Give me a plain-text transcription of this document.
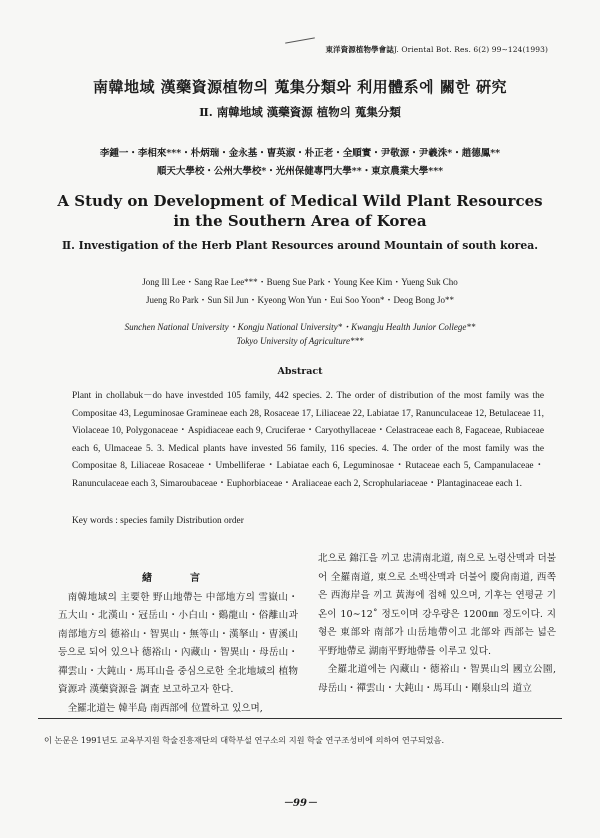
東洋資源植物學會誌J. Oriental Bot. Res. 6(2) 99∼124(1993)
南韓地域 漢藥資源植物의 蒐集分類와 利用體系에 關한 硏究
Ⅱ. 南韓地域 漢藥資源 植物의 蒐集分類
李鍾一・李相來***・朴炳瑞・金永基・曺英淑・朴正老・全順實・尹敬源・尹羲洙*・趙德鳳**
順天大學校・公州大學校*・光州保健專門大學**・東京農業大學***
A Study on Development of Medical Wild Plant Resources
in the Southern Area of Korea
Ⅱ. Investigation of the Herb Plant Resources around Mountain of south korea.
Jong Ill Lee・Sang Rae Lee***・Bueng Sue Park・Young Kee Kim・Yueng Suk Cho
Jueng Ro Park・Sun Sil Jun・Kyeong Won Yun・Eui Soo Yoon*・Deog Bong Jo**
Sunchen National University・Kongju National University*・Kwangju Health Junior College**
Tokyo University of Agriculture***
Abstract
Plant in chollabuk－do have investded 105 family, 442 species. 2. The order of distribution of the most family was the Compositae 43, Leguminosae Gramineae each 28, Rosaceae 17, Liliaceae 22, Labiatae 17, Ranunculaceae 12, Betulaceae 11, Violaceae 10, Polygonaceae・Aspidiaceae each 9, Cruciferae・Caryothyllaceae・Celastraceae each 8, Fagaceae, Rubiaceae each 6, Ulmaceae 5. 3. Medical plants have invested 56 family, 116 species. 4. The order of the most family was the Compositae 8, Liliaceae Rosaceae・Umbelliferae・Labiatae each 6, Leguminosae・Rutaceae each 5, Campanulaceae・Ranunculaceae each 3, Simaroubaceae・Euphorbiaceae・Araliaceae each 2, Scrophulariaceae・Plantaginaceae each 1.
Key words : species family Distribution order

緖　言

南韓地域의 主要한 野山地帶는 中部地方의 雪嶽山・五大山・北漢山・冠岳山・小白山・鷄龍山・俗離山과 南部地方의 德裕山・智異山・無等山・漢拏山・曺溪山등으로 되어 있으나 德裕山・內藏山・智異山・母岳山・禪雲山・大鈍山・馬耳山을 중심으로한 全北地域의 植物資源과 漢藥資源을 調査 보고하고자 한다.

全羅北道는 韓半島 南西部에 位置하고 있으며,

北으로 錦江을 끼고 忠淸南北道, 南으로 노령산맥과 더불어 全羅南道, 東으로 소백산맥과 더불어 慶尙南道, 西쪽은 西海岸을 끼고 黃海에 접해 있으며, 기후는 연평균 기온이 10∼12˚ 정도이며 강우량은 1200㎜ 정도이다. 지형은 東部와 南部가 山岳地帶이고 北部와 西部는 넓은 平野地帶로 湖南平野地帶를 이루고 있다.

全羅北道에는 內藏山・德裕山・智異山의 國立公園, 母岳山・禪雲山・大鈍山・馬耳山・剛泉山의 道立

이 논문은 1991년도 교육부지원 학술진흥재단의 대학부설 연구소의 지원 학술 연구조성비에 의하여 연구되었음.
－99－
